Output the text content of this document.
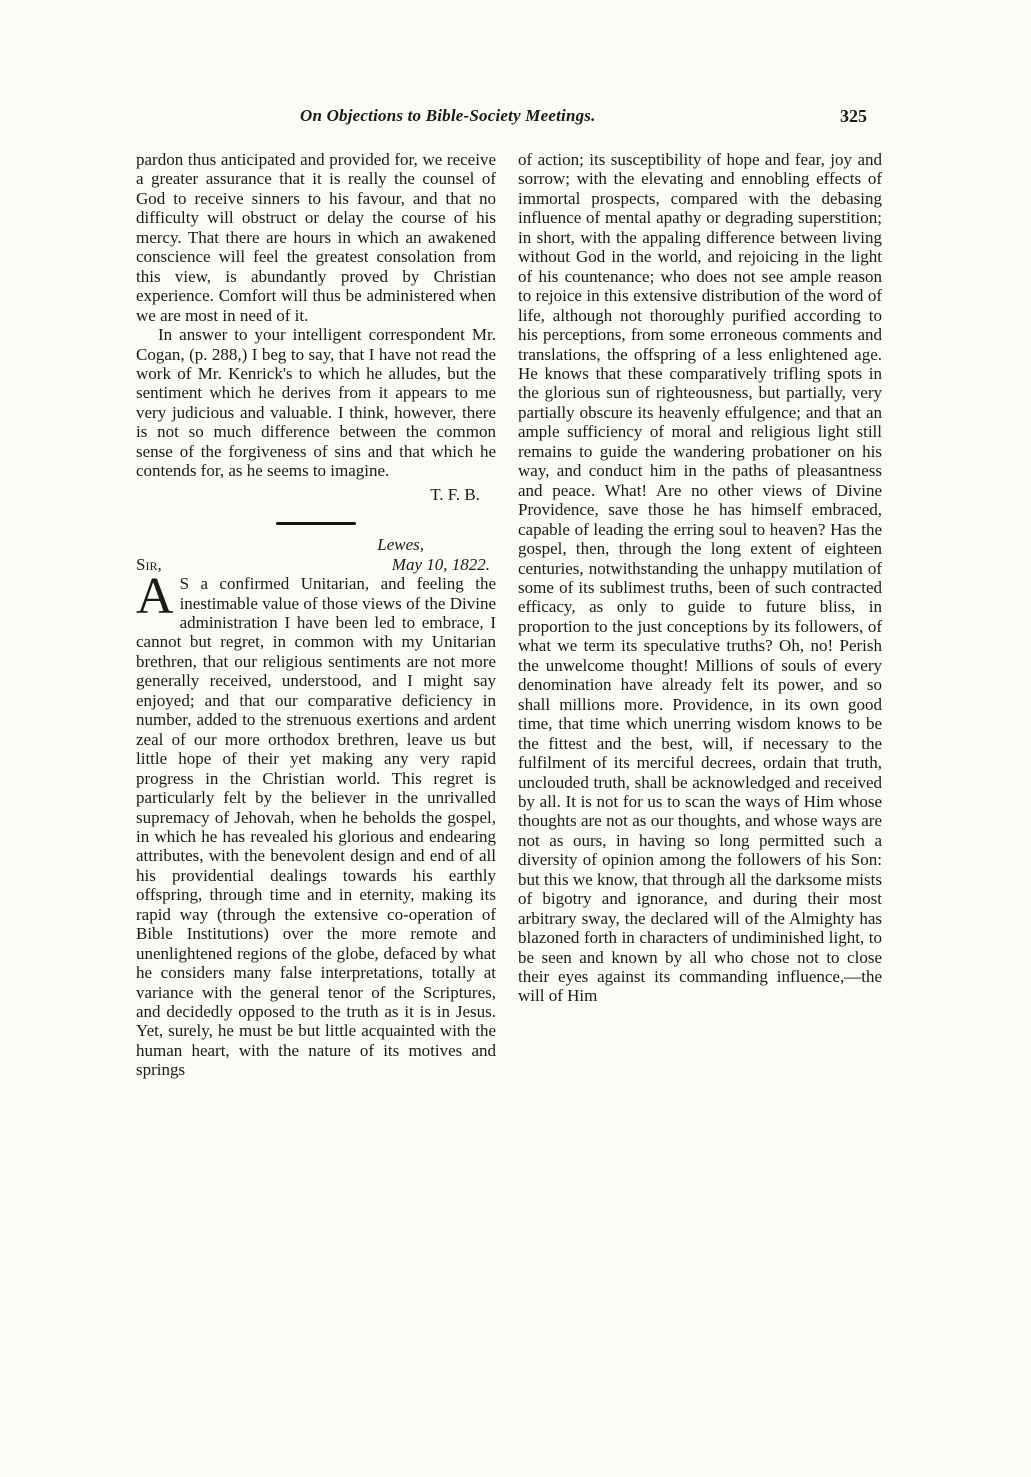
On Objections to Bible-Society Meetings.	325

pardon thus anticipated and provided for, we receive a greater assurance that it is really the counsel of God to receive sinners to his favour, and that no difficulty will obstruct or delay the course of his mercy. That there are hours in which an awakened conscience will feel the greatest consolation from this view, is abundantly proved by Christian experience. Comfort will thus be administered when we are most in need of it.

In answer to your intelligent correspondent Mr. Cogan, (p. 288,) I beg to say, that I have not read the work of Mr. Kenrick's to which he alludes, but the sentiment which he derives from it appears to me very judicious and valuable. I think, however, there is not so much difference between the common sense of the forgiveness of sins and that which he contends for, as he seems to imagine.

T. F. B.

Lewes,

Sir,	May 10, 1822.

A S a confirmed Unitarian, and feeling the inestimable value of those views of the Divine administration I have been led to embrace, I cannot but regret, in common with my Unitarian brethren, that our religious sentiments are not more generally received, understood, and I might say enjoyed; and that our comparative deficiency in number, added to the strenuous exertions and ardent zeal of our more orthodox brethren, leave us but little hope of their yet making any very rapid progress in the Christian world. This regret is particularly felt by the believer in the unrivalled supremacy of Jehovah, when he beholds the gospel, in which he has revealed his glorious and endearing attributes, with the benevolent design and end of all his providential dealings towards his earthly offspring, through time and in eternity, making its rapid way (through the extensive co-operation of Bible Institutions) over the more remote and unenlightened regions of the globe, defaced by what he considers many false interpretations, totally at variance with the general tenor of the Scriptures, and decidedly opposed to the truth as it is in Jesus. Yet, surely, he must be but little acquainted with the human heart, with the nature of its motives and springs

of action; its susceptibility of hope and fear, joy and sorrow; with the elevating and ennobling effects of immortal prospects, compared with the debasing influence of mental apathy or degrading superstition; in short, with the appaling difference between living without God in the world, and rejoicing in the light of his countenance; who does not see ample reason to rejoice in this extensive distribution of the word of life, although not thoroughly purified according to his perceptions, from some erroneous comments and translations, the offspring of a less enlightened age. He knows that these comparatively trifling spots in the glorious sun of righteousness, but partially, very partially obscure its heavenly effulgence; and that an ample sufficiency of moral and religious light still remains to guide the wandering probationer on his way, and conduct him in the paths of pleasantness and peace. What! Are no other views of Divine Providence, save those he has himself embraced, capable of leading the erring soul to heaven? Has the gospel, then, through the long extent of eighteen centuries, notwithstanding the unhappy mutilation of some of its sublimest truths, been of such contracted efficacy, as only to guide to future bliss, in proportion to the just conceptions by its followers, of what we term its speculative truths? Oh, no! Perish the unwelcome thought! Millions of souls of every denomination have already felt its power, and so shall millions more. Providence, in its own good time, that time which unerring wisdom knows to be the fittest and the best, will, if necessary to the fulfilment of its merciful decrees, ordain that truth, unclouded truth, shall be acknowledged and received by all. It is not for us to scan the ways of Him whose thoughts are not as our thoughts, and whose ways are not as ours, in having so long permitted such a diversity of opinion among the followers of his Son: but this we know, that through all the darksome mists of bigotry and ignorance, and during their most arbitrary sway, the declared will of the Almighty has blazoned forth in characters of undiminished light, to be seen and known by all who chose not to close their eyes against its commanding influence,—the will of Him
